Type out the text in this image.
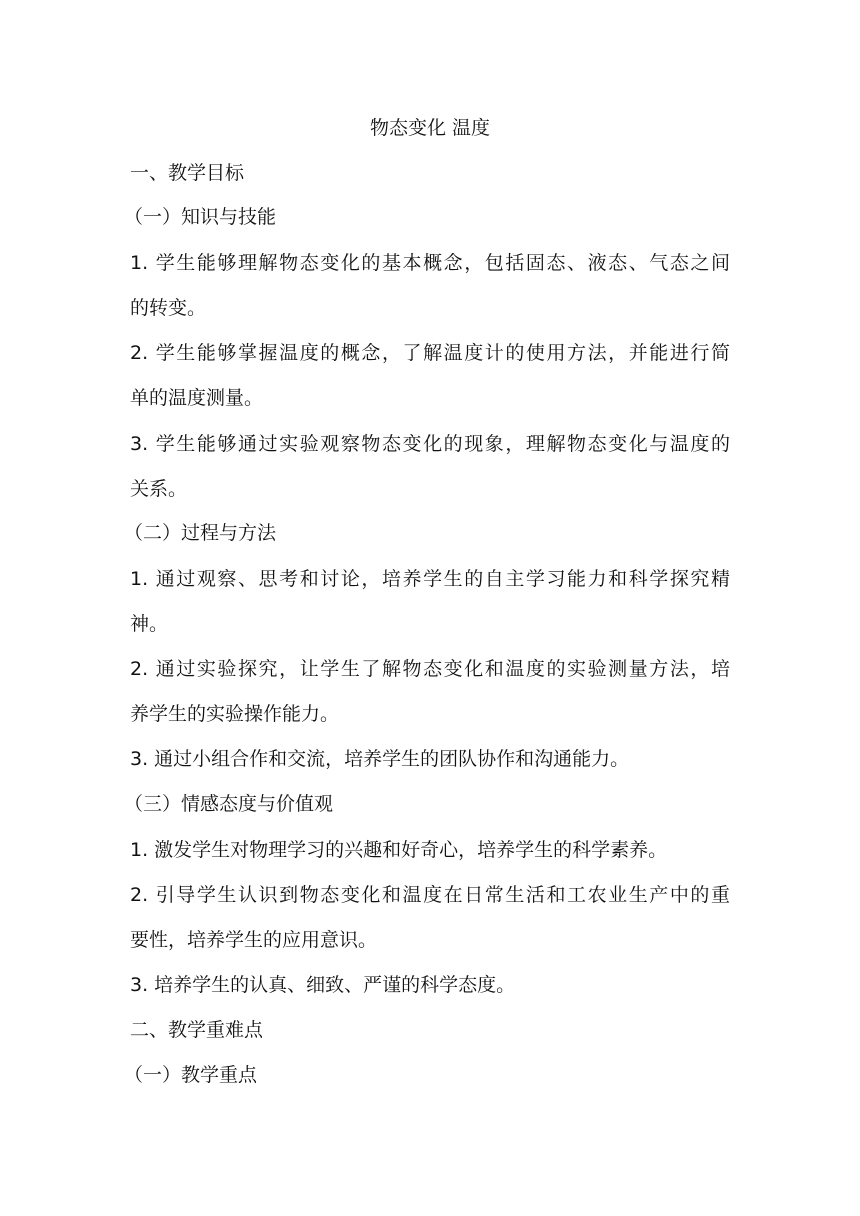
物态变化 温度
一、教学目标
（一）知识与技能
1. 学生能够理解物态变化的基本概念，包括固态、液态、气态之间
的转变。
2. 学生能够掌握温度的概念，了解温度计的使用方法，并能进行简
单的温度测量。
3. 学生能够通过实验观察物态变化的现象，理解物态变化与温度的
关系。
（二）过程与方法
1. 通过观察、思考和讨论，培养学生的自主学习能力和科学探究精
神。
2. 通过实验探究，让学生了解物态变化和温度的实验测量方法，培
养学生的实验操作能力。
3. 通过小组合作和交流，培养学生的团队协作和沟通能力。
（三）情感态度与价值观
1. 激发学生对物理学习的兴趣和好奇心，培养学生的科学素养。
2. 引导学生认识到物态变化和温度在日常生活和工农业生产中的重
要性，培养学生的应用意识。
3. 培养学生的认真、细致、严谨的科学态度。
二、教学重难点
（一）教学重点
